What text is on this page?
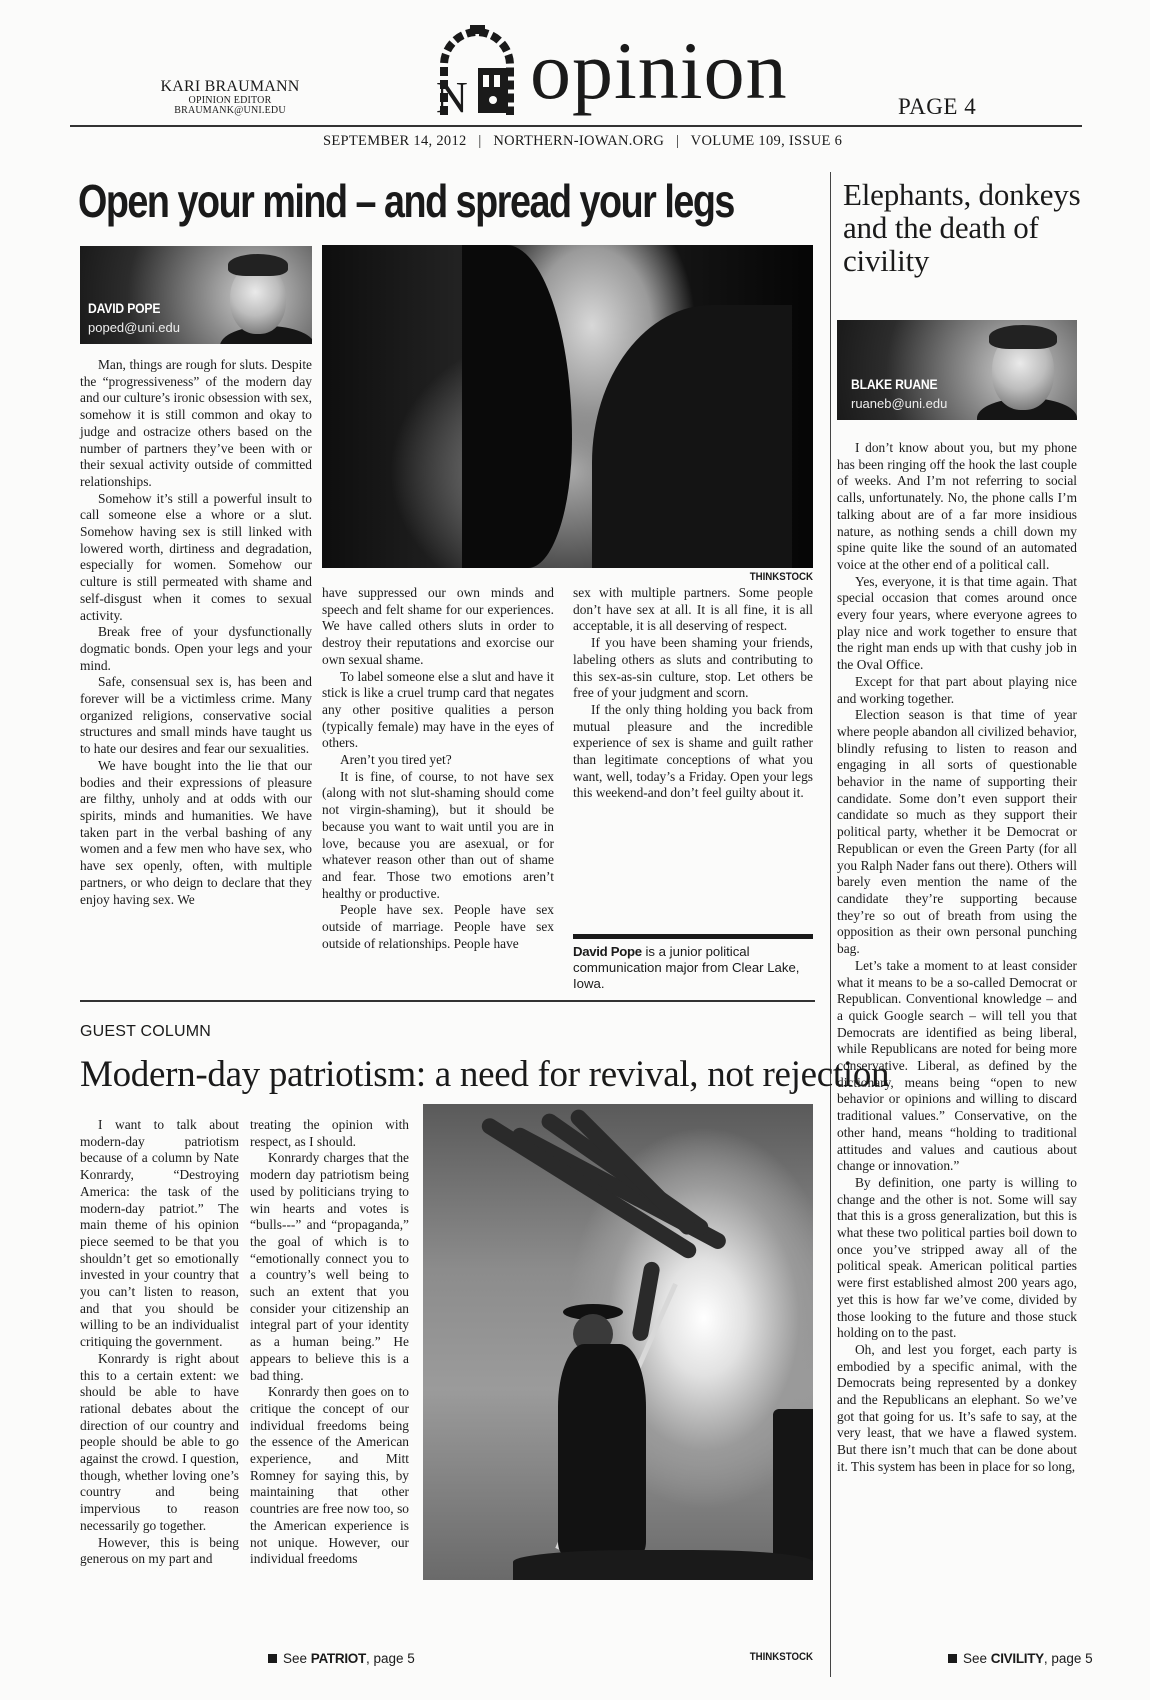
KARI BRAUMANN
OPINION EDITOR
BRAUMANK@UNI.EDU	N opinion	PAGE 4
SEPTEMBER 14, 2012   |   NORTHERN-IOWAN.ORG   |   VOLUME 109, ISSUE 6
Open your mind – and spread your legs
DAVID POPE
poped@uni.edu
THINKSTOCK

Man, things are rough for sluts. Despite the “progressiveness” of the modern day and our culture’s ironic obsession with sex, somehow it is still common and okay to judge and ostracize others based on the number of partners they’ve been with or their sexual activity outside of committed relationships.

Somehow it’s still a powerful insult to call someone else a whore or a slut. Somehow having sex is still linked with lowered worth, dirtiness and degradation, especially for women. Somehow our culture is still permeated with shame and self-disgust when it comes to sexual activity.

Break free of your dysfunctionally dogmatic bonds. Open your legs and your mind.

Safe, consensual sex is, has been and forever will be a victimless crime. Many organized religions, conservative social structures and small minds have taught us to hate our desires and fear our sexualities.

We have bought into the lie that our bodies and their expressions of pleasure are filthy, unholy and at odds with our spirits, minds and humanities. We have taken part in the verbal bashing of any women and a few men who have sex, who have sex openly, often, with multiple partners, or who deign to declare that they enjoy having sex. We

have suppressed our own minds and speech and felt shame for our experiences. We have called others sluts in order to destroy their reputations and exorcise our own sexual shame.

To label someone else a slut and have it stick is like a cruel trump card that negates any other positive qualities a person (typically female) may have in the eyes of others.

Aren’t you tired yet?

It is fine, of course, to not have sex (along with not slut-shaming should come not virgin-shaming), but it should be because you want to wait until you are in love, because you are asexual, or for whatever reason other than out of shame and fear. Those two emotions aren’t healthy or productive.

People have sex. People have sex outside of marriage. People have sex outside of relationships. People have

sex with multiple partners. Some people don’t have sex at all. It is all fine, it is all acceptable, it is all deserving of respect.

If you have been shaming your friends, labeling others as sluts and contributing to this sex-as-sin culture, stop. Let others be free of your judgment and scorn.

If the only thing holding you back from mutual pleasure and the incredible experience of sex is shame and guilt rather than legitimate conceptions of what you want, well, today’s a Friday. Open your legs this weekend-and don’t feel guilty about it.

David Pope is a junior political communication major from Clear Lake, Iowa.
GUEST COLUMN
Modern-day patriotism: a need for revival, not rejection

I want to talk about modern-day patriotism because of a column by Nate Konrardy, “Destroying America: the task of the modern-day patriot.” The main theme of his opinion piece seemed to be that you shouldn’t get so emotionally invested in your country that you can’t listen to reason, and that you should be willing to be an individualist critiquing the government.

Konrardy is right about this to a certain extent: we should be able to have rational debates about the direction of our country and people should be able to go against the crowd. I question, though, whether loving one’s country and being impervious to reason necessarily go together.

However, this is being generous on my part and

treating the opinion with respect, as I should.

Konrardy charges that the modern day patriotism being used by politicians trying to win hearts and votes is “bulls---” and “propaganda,” the goal of which is to “emotionally connect you to a country’s well being to such an extent that you consider your citizenship an integral part of your identity as a human being.” He appears to believe this is a bad thing.

Konrardy then goes on to critique the concept of our individual freedoms being the essence of the American experience, and Mitt Romney for saying this, by maintaining that other countries are free now too, so the American experience is not unique. However, our individual freedoms

See PATRIOT, page 5	THINKSTOCK
Elephants, donkeys and the death of civility
BLAKE RUANE
ruaneb@uni.edu

I don’t know about you, but my phone has been ringing off the hook the last couple of weeks. And I’m not referring to social calls, unfortunately. No, the phone calls I’m talking about are of a far more insidious nature, as nothing sends a chill down my spine quite like the sound of an automated voice at the other end of a political call.

Yes, everyone, it is that time again. That special occasion that comes around once every four years, where everyone agrees to play nice and work together to ensure that the right man ends up with that cushy job in the Oval Office.

Except for that part about playing nice and working together.

Election season is that time of year where people abandon all civilized behavior, blindly refusing to listen to reason and engaging in all sorts of questionable behavior in the name of supporting their candidate. Some don’t even support their candidate so much as they support their political party, whether it be Democrat or Republican or even the Green Party (for all you Ralph Nader fans out there). Others will barely even mention the name of the candidate they’re supporting because they’re so out of breath from using the opposition as their own personal punching bag.

Let’s take a moment to at least consider what it means to be a so-called Democrat or Republican. Conventional knowledge – and a quick Google search – will tell you that Democrats are identified as being liberal, while Republicans are noted for being more conservative. Liberal, as defined by the dictionary, means being “open to new behavior or opinions and willing to discard traditional values.” Conservative, on the other hand, means “holding to traditional attitudes and values and cautious about change or innovation.”

By definition, one party is willing to change and the other is not. Some will say that this is a gross generalization, but this is what these two political parties boil down to once you’ve stripped away all of the political speak. American political parties were first established almost 200 years ago, yet this is how far we’ve come, divided by those looking to the future and those stuck holding on to the past.

Oh, and lest you forget, each party is embodied by a specific animal, with the Democrats being represented by a donkey and the Republicans an elephant. So we’ve got that going for us. It’s safe to say, at the very least, that we have a flawed system. But there isn’t much that can be done about it. This system has been in place for so long,

See CIVILITY, page 5
